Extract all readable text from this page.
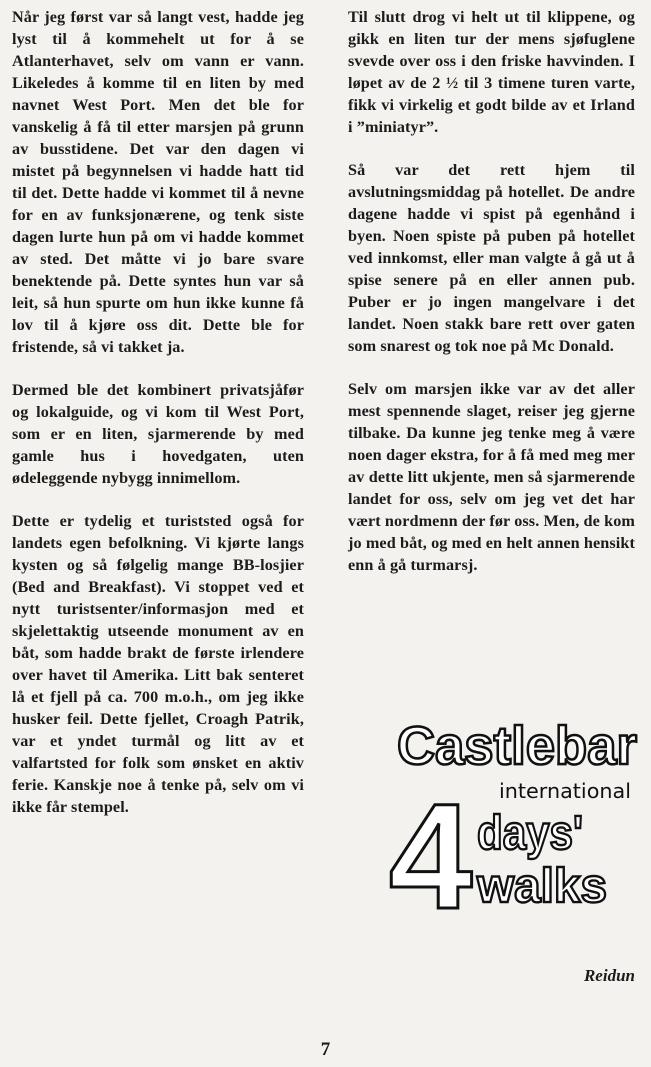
Når jeg først var så langt vest, hadde jeg lyst til å kommehelt ut for å se Atlanterhavet, selv om vann er vann. Likeledes å komme til en liten by med navnet West Port. Men det ble for vanskelig å få til etter marsjen på grunn av busstidene. Det var den dagen vi mistet på begynnelsen vi hadde hatt tid til det. Dette hadde vi kommet til å nevne for en av funksjonærene, og tenk siste dagen lurte hun på om vi hadde kommet av sted. Det måtte vi jo bare svare benektende på. Dette syntes hun var så leit, så hun spurte om hun ikke kunne få lov til å kjøre oss dit. Dette ble for fristende, så vi takket ja.

Dermed ble det kombinert privatsjåfør og lokalguide, og vi kom til West Port, som er en liten, sjarmerende by med gamle hus i hovedgaten, uten ødeleggende nybygg innimellom.

Dette er tydelig et turiststed også for landets egen befolkning. Vi kjørte langs kysten og så følgelig mange BB-losjier (Bed and Breakfast). Vi stoppet ved et nytt turistsenter/informasjon med et skjelettaktig utseende monument av en båt, som hadde brakt de første irlendere over havet til Amerika. Litt bak senteret lå et fjell på ca. 700 m.o.h., om jeg ikke husker feil. Dette fjellet, Croagh Patrik, var et yndet turmål og litt av et valfartsted for folk som ønsket en aktiv ferie. Kanskje noe å tenke på, selv om vi ikke får stempel.

Til slutt drog vi helt ut til klippene, og gikk en liten tur der mens sjøfuglene svevde over oss i den friske havvinden. I løpet av de 2 ½ til 3 timene turen varte, fikk vi virkelig et godt bilde av et Irland i ”miniatyr”.

Så var det rett hjem til avslutningsmiddag på hotellet. De andre dagene hadde vi spist på egenhånd i byen. Noen spiste på puben på hotellet ved innkomst, eller man valgte å gå ut å spise senere på en eller annen pub. Puber er jo ingen mangelvare i det landet. Noen stakk bare rett over gaten som snarest og tok noe på Mc Donald.

Selv om marsjen ikke var av det aller mest spennende slaget, reiser jeg gjerne tilbake. Da kunne jeg tenke meg å være noen dager ekstra, for å få med meg mer av dette litt ukjente, men så sjarmerende landet for oss, selv om jeg vet det har vært nordmenn der før oss. Men, de kom jo med båt, og med en helt annen hensikt enn å gå turmarsj.

Castlebar
international
4 days'
walks
Reidun
7
